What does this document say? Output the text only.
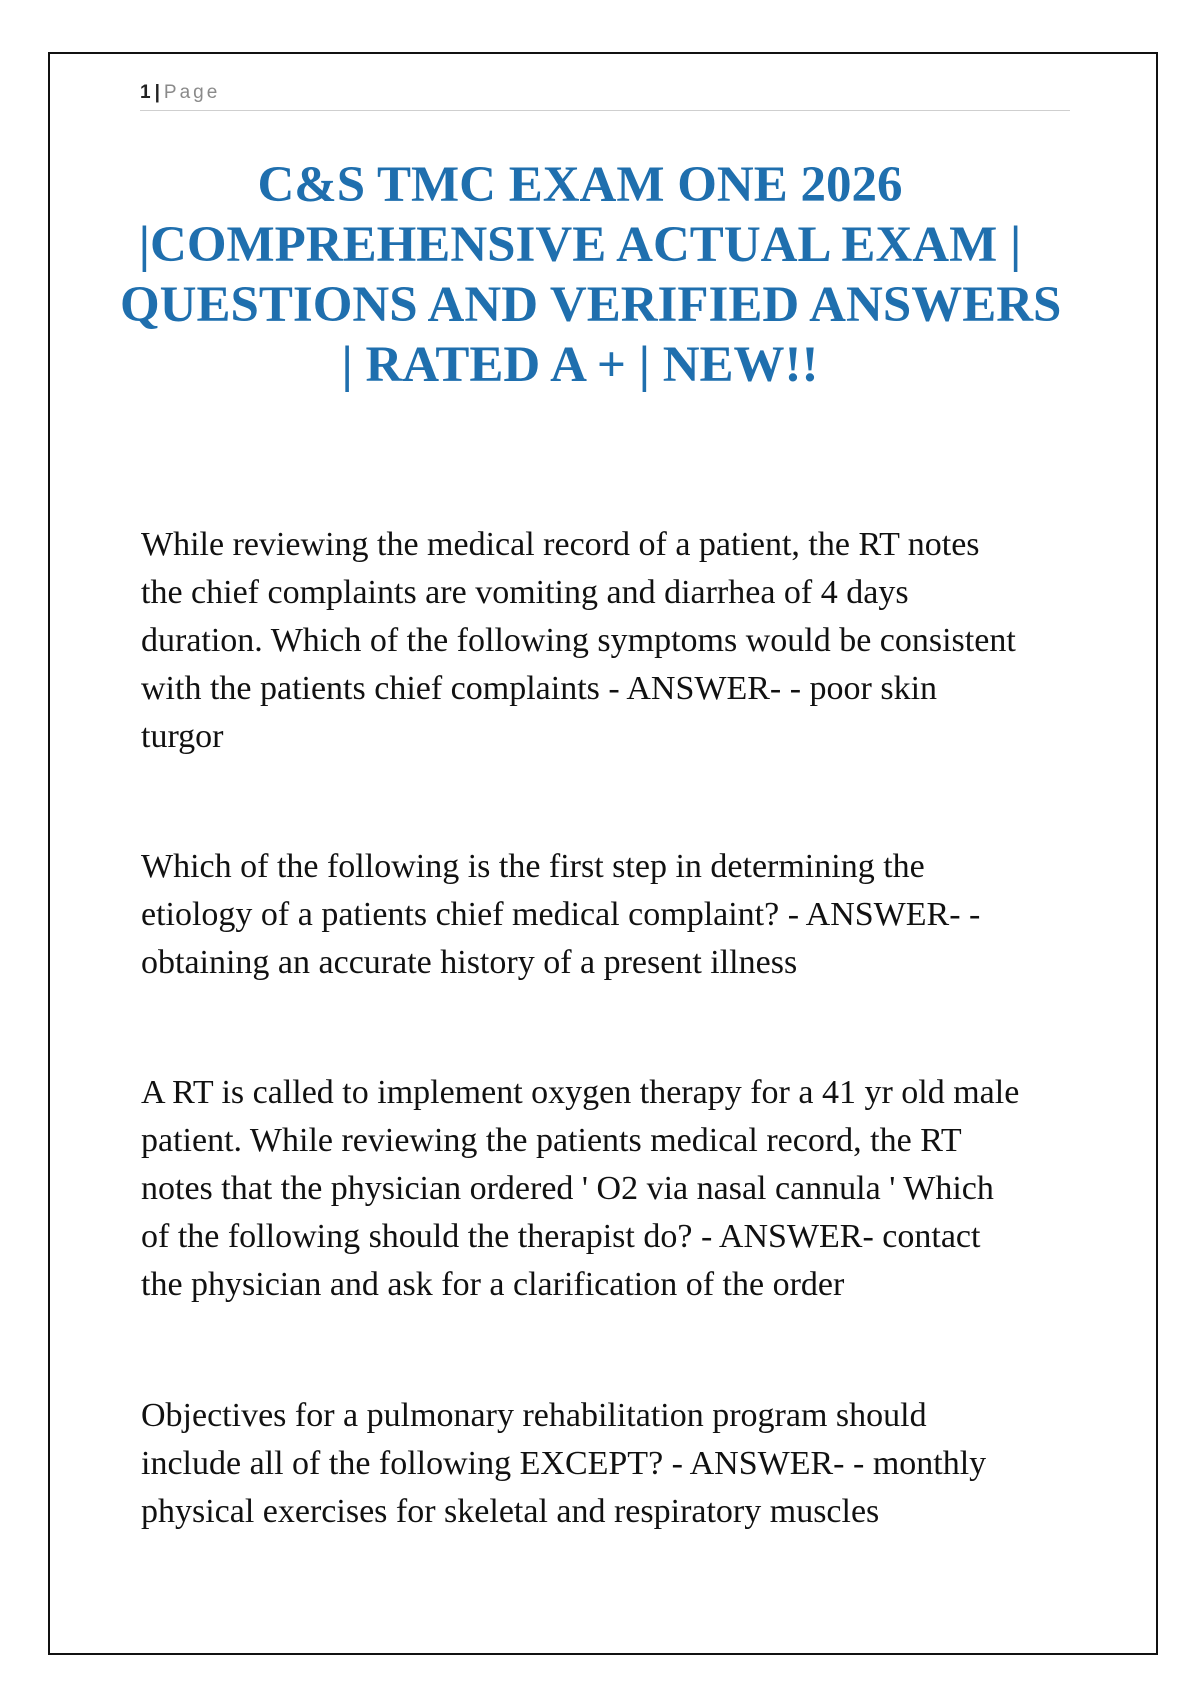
1 | Page
C&S TMC EXAM ONE 2026
|COMPREHENSIVE ACTUAL EXAM |
QUESTIONS AND VERIFIED ANSWERS
| RATED A + | NEW!!

While reviewing the medical record of a patient, the RT notes
the chief complaints are vomiting and diarrhea of 4 days
duration. Which of the following symptoms would be consistent
with the patients chief complaints - ANSWER- - poor skin
turgor

Which of the following is the first step in determining the
etiology of a patients chief medical complaint? - ANSWER- -
obtaining an accurate history of a present illness

A RT is called to implement oxygen therapy for a 41 yr old male
patient. While reviewing the patients medical record, the RT
notes that the physician ordered ' O2 via nasal cannula ' Which
of the following should the therapist do? - ANSWER- contact
the physician and ask for a clarification of the order

Objectives for a pulmonary rehabilitation program should
include all of the following EXCEPT? - ANSWER- - monthly
physical exercises for skeletal and respiratory muscles
